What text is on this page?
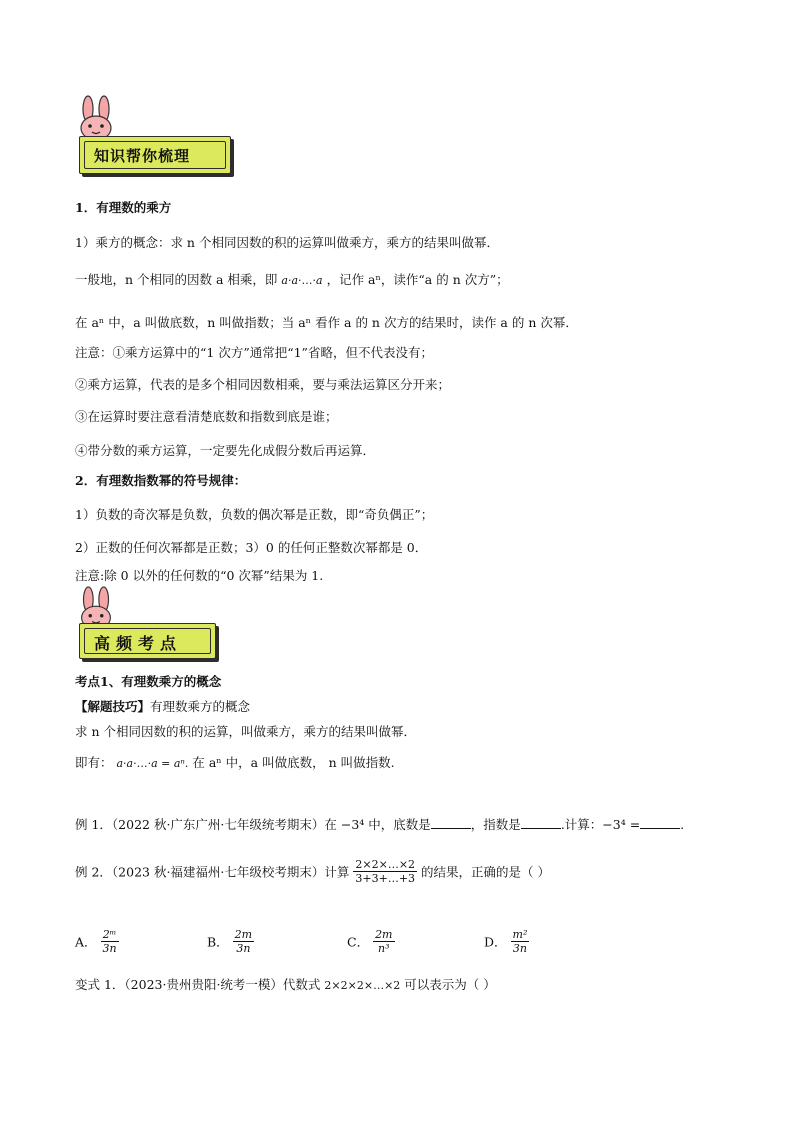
知识帮你梳理
1．有理数的乘方
1）乘方的概念：求 n 个相同因数的积的运算叫做乘方，乘方的结果叫做幂．
一般地，n 个相同的因数 a 相乘，即 a·a·…·a ，记作 aⁿ，读作“a 的 n 次方”；
在 aⁿ 中，a 叫做底数，n 叫做指数；当 aⁿ 看作 a 的 n 次方的结果时，读作 a 的 n 次幂．
注意：①乘方运算中的“1 次方”通常把“1”省略，但不代表没有；
②乘方运算，代表的是多个相同因数相乘，要与乘法运算区分开来；
③在运算时要注意看清楚底数和指数到底是谁；
④带分数的乘方运算，一定要先化成假分数后再运算．
2．有理数指数幂的符号规律：
1）负数的奇次幂是负数，负数的偶次幂是正数，即“奇负偶正”；
2）正数的任何次幂都是正数；3）0 的任何正整数次幂都是 0．
注意:除 0 以外的任何数的“0 次幂”结果为 1.
高频考点
考点1、有理数乘方的概念
【解题技巧】有理数乘方的概念
求 n 个相同因数的积的运算，叫做乘方，乘方的结果叫做幂．
即有： a·a·…·a = aⁿ. 在 aⁿ 中，a 叫做底数， n 叫做指数.
例 1．（2022 秋·广东广州·七年级统考期末）在 −3⁴ 中，底数是	，指数是	.计算：−3⁴ =	.
例 2．（2023 秋·福建福州·七年级校考期末）计算 $\frac{2\times 2\times\dots\times 2}{3+3+\dots+3}$ 的结果，正确的是（ ）
A． $\frac{\text{2ᵐ}}{3n}$	B． $\frac{2m}{3n}$	C． $\frac{2m}{\text{n³}}$	D． $\frac{\text{m²}}{3n}$
变式 1．（2023·贵州贵阳·统考一模）代数式 2×2×2×…×2 可以表示为（ ）
